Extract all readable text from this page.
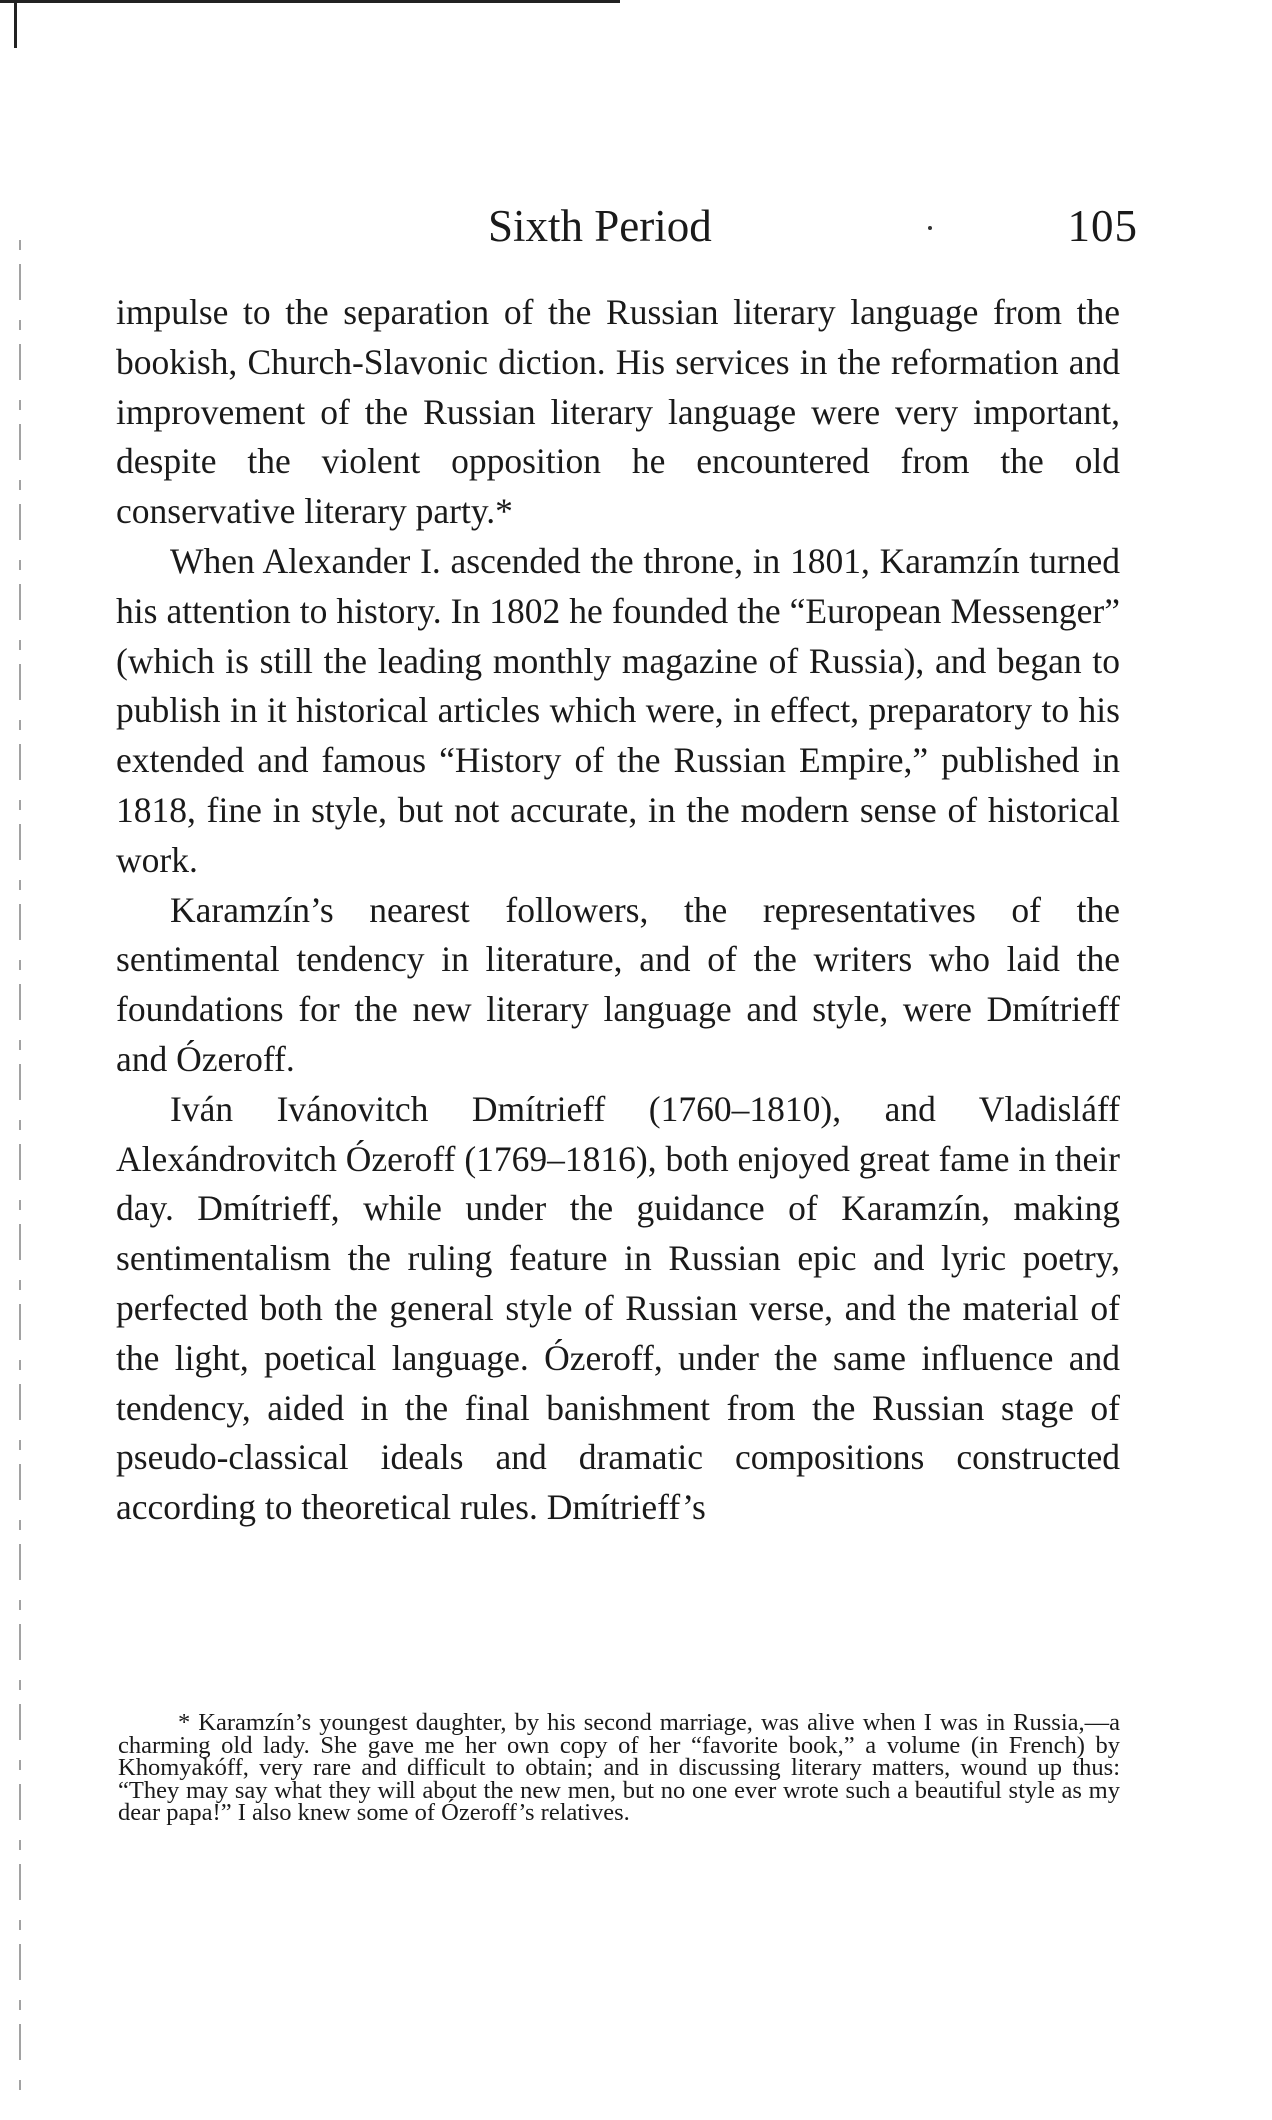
Sixth Period	105

impulse to the separation of the Russian literary language from the bookish, Church-Slavonic diction. His services in the reformation and improvement of the Russian literary language were very important, despite the violent opposition he encountered from the old conservative literary party.*

When Alexander I. ascended the throne, in 1801, Karamzín turned his attention to history. In 1802 he founded the “European Messenger” (which is still the leading monthly magazine of Russia), and began to publish in it historical articles which were, in effect, preparatory to his extended and famous “History of the Russian Empire,” published in 1818, fine in style, but not accurate, in the modern sense of historical work.

Karamzín’s nearest followers, the representatives of the sentimental tendency in literature, and of the writers who laid the foundations for the new literary language and style, were Dmítrieff and Ózeroff.

Iván Ivánovitch Dmítrieff (1760–1810), and Vladisláff Alexándrovitch Ózeroff (1769–1816), both enjoyed great fame in their day. Dmítrieff, while under the guidance of Karamzín, making sentimentalism the ruling feature in Russian epic and lyric poetry, perfected both the general style of Russian verse, and the material of the light, poetical language. Ózeroff, under the same influence and tendency, aided in the final banishment from the Russian stage of pseudo-classical ideals and dramatic compositions constructed according to theoretical rules. Dmítrieff’s

* Karamzín’s youngest daughter, by his second marriage, was alive when I was in Russia,—a charming old lady. She gave me her own copy of her “favorite book,” a volume (in French) by Khomyakóff, very rare and difficult to obtain; and in discussing literary matters, wound up thus: “They may say what they will about the new men, but no one ever wrote such a beautiful style as my dear papa!” I also knew some of Ózeroff’s relatives.
